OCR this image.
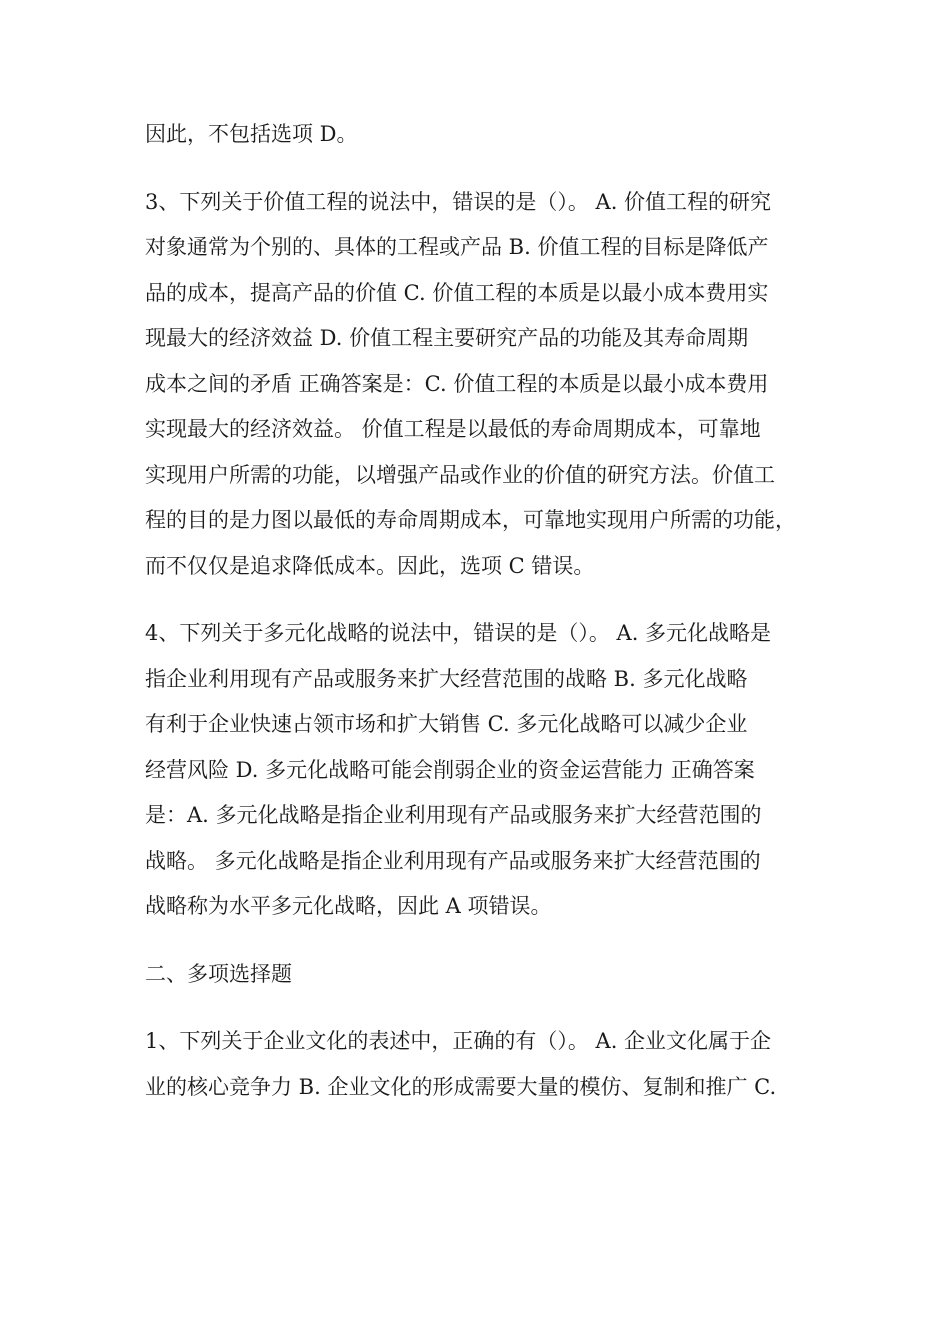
因此，不包括选项 D。
3、下列关于价值工程的说法中，错误的是（）。 A. 价值工程的研究
对象通常为个别的、具体的工程或产品 B. 价值工程的目标是降低产
品的成本，提高产品的价值 C. 价值工程的本质是以最小成本费用实
现最大的经济效益 D. 价值工程主要研究产品的功能及其寿命周期
成本之间的矛盾 正确答案是：C. 价值工程的本质是以最小成本费用
实现最大的经济效益。 价值工程是以最低的寿命周期成本，可靠地
实现用户所需的功能，以增强产品或作业的价值的研究方法。价值工
程的目的是力图以最低的寿命周期成本，可靠地实现用户所需的功能，
而不仅仅是追求降低成本。因此，选项 C 错误。
4、下列关于多元化战略的说法中，错误的是（）。 A. 多元化战略是
指企业利用现有产品或服务来扩大经营范围的战略 B. 多元化战略
有利于企业快速占领市场和扩大销售 C. 多元化战略可以减少企业
经营风险 D. 多元化战略可能会削弱企业的资金运营能力 正确答案
是：A. 多元化战略是指企业利用现有产品或服务来扩大经营范围的
战略。 多元化战略是指企业利用现有产品或服务来扩大经营范围的
战略称为水平多元化战略，因此 A 项错误。
二、多项选择题
1、下列关于企业文化的表述中，正确的有（）。 A. 企业文化属于企
业的核心竞争力 B. 企业文化的形成需要大量的模仿、复制和推广 C.
